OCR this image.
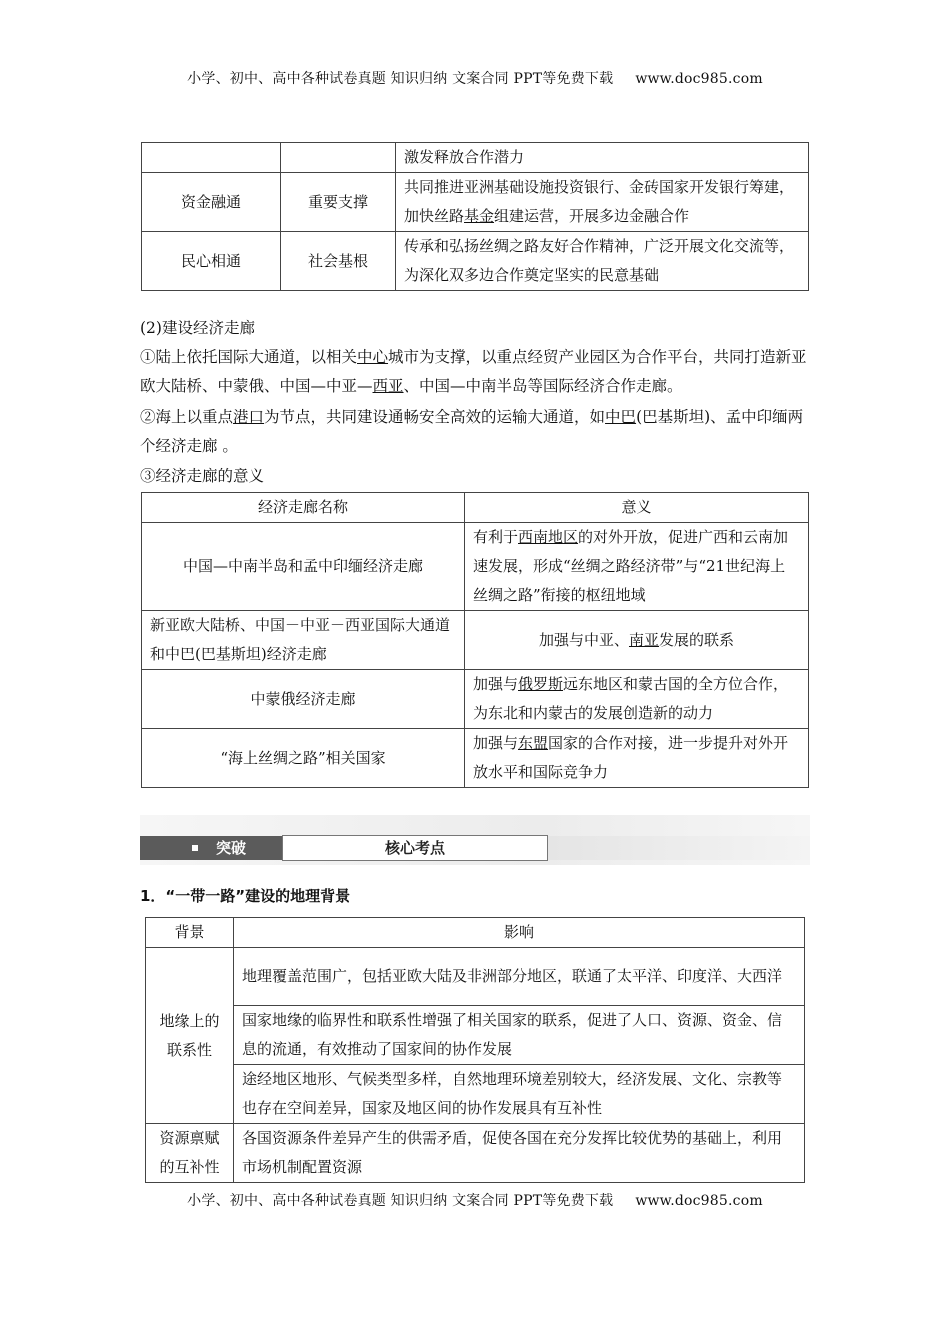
小学、初中、高中各种试卷真题 知识归纳 文案合同 PPT等免费下载 www.doc985.com
		激发释放合作潜力
资金融通	重要支撑	共同推进亚洲基础设施投资银行、金砖国家开发银行筹建，加快丝路基金组建运营，开展多边金融合作
民心相通	社会基根	传承和弘扬丝绸之路友好合作精神，广泛开展文化交流等，为深化双多边合作奠定坚实的民意基础
(2)建设经济走廊
①陆上依托国际大通道，以相关中心城市为支撑，以重点经贸产业园区为合作平台，共同打造新亚欧大陆桥、中蒙俄、中国—中亚—西亚、中国—中南半岛等国际经济合作走廊。
②海上以重点港口为节点，共同建设通畅安全高效的运输大通道，如中巴(巴基斯坦)、孟中印缅两个经济走廊 。
③经济走廊的意义
经济走廊名称	意义
中国—中南半岛和孟中印缅经济走廊	有利于西南地区的对外开放，促进广西和云南加速发展，形成“丝绸之路经济带”与“21世纪海上丝绸之路”衔接的枢纽地域
新亚欧大陆桥、中国－中亚－西亚国际大通道和中巴(巴基斯坦)经济走廊	加强与中亚、南亚发展的联系
中蒙俄经济走廊	加强与俄罗斯远东地区和蒙古国的全方位合作，为东北和内蒙古的发展创造新的动力
“海上丝绸之路”相关国家	加强与东盟国家的合作对接，进一步提升对外开放水平和国际竞争力
突破	核心考点
1．“一带一路”建设的地理背景
背景	影响
地缘上的联系性	地理覆盖范围广，包括亚欧大陆及非洲部分地区，联通了太平洋、印度洋、大西洋
	国家地缘的临界性和联系性增强了相关国家的联系，促进了人口、资源、资金、信息的流通，有效推动了国家间的协作发展
	途经地区地形、气候类型多样，自然地理环境差别较大，经济发展、文化、宗教等也存在空间差异，国家及地区间的协作发展具有互补性
资源禀赋的互补性	各国资源条件差异产生的供需矛盾，促使各国在充分发挥比较优势的基础上，利用市场机制配置资源
小学、初中、高中各种试卷真题 知识归纳 文案合同 PPT等免费下载 www.doc985.com
